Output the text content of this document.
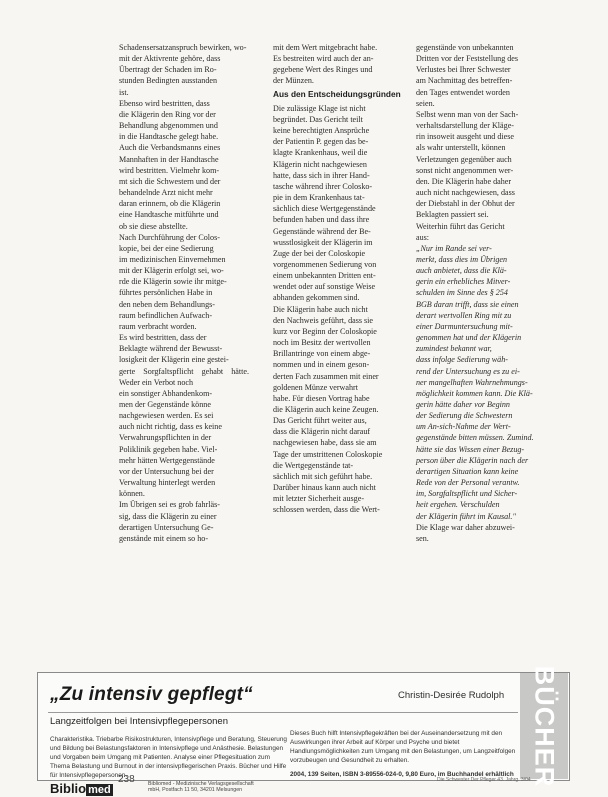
Schadensersatzanspruch bewirken, wo-

mit der Aktivrente gehöre, dass

Übertragt der Schaden im Ro-

stunden Bedingten ausstanden

ist.

Ebenso wird bestritten, dass

die Klägerin den Ring vor der

Behandlung abgenommen und

in die Handtasche gelegt habe.

Auch die Verbandsmanns eines

Mannhaften in der Handtasche

wird bestritten. Vielmehr kom-

mt sich die Schwestern und der

behandelnde Arzt nicht mehr

daran erinnern, ob die Klägerin

eine Handtasche mitführte und

ob sie diese abstellte.

Nach Durchführung der Colos-

kopie, bei der eine Sedierung

im medizinischen Einvernehmen

mit der Klägerin erfolgt sei, wo-

rde die Klägerin sowie ihr mitge-

führtes persönlichen Habe in

den neben dem Behandlungs-

raum befindlichen Aufwach-

raum verbracht worden.

Es wird bestritten, dass der

Beklagte während der Bewusst-

losigkeit der Klägerin eine gestei-

gerte Sorgfaltspflicht gehabt hätte. Weder ein Verbot noch

ein sonstiger Abhandenkom-

men der Gegenstände könne

nachgewiesen werden. Es sei

auch nicht richtig, dass es keine

Verwahrungspflichten in der

Poliklinik gegeben habe. Viel-

mehr hätten Wertgegenstände

vor der Untersuchung bei der

Verwaltung hinterlegt werden

können.

Im Übrigen sei es grob fahrläs-

sig, dass die Klägerin zu einer

derartigen Untersuchung Ge-

genstände mit einem so ho-

mit dem Wert mitgebracht habe.

Es bestreiten wird auch der an-

gegebene Wert des Ringes und

der Münzen.

Aus den Entscheidungsgründen

Die zulässige Klage ist nicht

begründet. Das Gericht teilt

keine berechtigten Ansprüche

der Patientin P. gegen das be-

klagte Krankenhaus, weil die

Klägerin nicht nachgewiesen

hatte, dass sich in ihrer Hand-

tasche während ihrer Colosko-

pie in dem Krankenhaus tat-

sächlich diese Wertgegenstände

befunden haben und dass ihre

Gegenstände während der Be-

wusstlosigkeit der Klägerin im

Zuge der bei der Coloskopie

vorgenommenen Sedierung von

einem unbekannten Dritten ent-

wendet oder auf sonstige Weise

abhanden gekommen sind.

Die Klägerin habe auch nicht

den Nachweis geführt, dass sie

kurz vor Beginn der Coloskopie

noch im Besitz der wertvollen

Brillantringe von einem abge-

nommen und in einem geson-

derten Fach zusammen mit einer

goldenen Münze verwahrt

habe. Für diesen Vortrag habe

die Klägerin auch keine Zeugen.

Das Gericht führt weiter aus,

dass die Klägerin nicht darauf

nachgewiesen habe, dass sie am

Tage der umstrittenen Coloskopie

die Wertgegenstände tat-

sächlich mit sich geführt habe.

Darüber hinaus kann auch nicht

mit letzter Sicherheit ausge-

schlossen werden, dass die Wert-

gegenstände von unbekannten

Dritten vor der Feststellung des

Verlustes bei Ihrer Schwester

am Nachmittag des betreffen-

den Tages entwendet worden

seien.

Selbst wenn man von der Sach-

verhaltsdarstellung der Kläge-

rin insoweit ausgeht und diese

als wahr unterstellt, können

Verletzungen gegenüber auch

sonst nicht angenommen wer-

den. Die Klägerin habe daher

auch nicht nachgewiesen, dass

der Diebstahl in der Obhut der

Beklagten passiert sei.

Weiterhin führt das Gericht

aus:

„Nur im Rande sei ver-

merkt, dass dies im Übrigen

auch anbietet, dass die Klä-

gerin ein erhebliches Mitver-

schulden im Sinne des § 254

BGB daran trifft, dass sie einen

derart wertvollen Ring mit zu

einer Darmuntersuchung mit-

genommen hat und der Klägerin

zumindest bekannt war,

dass infolge Sedierung wäh-

rend der Untersuchung es zu ei-

ner mangelhaften Wahrnehmungs-

möglichkeit kommen kann. Die Klä-

gerin hätte daher vor Beginn

der Sedierung die Schwestern

um An-sich-Nahme der Wert-

gegenstände bitten müssen. Zumind.

hätte sie das Wissen einer Bezug-

person über die Klägerin nach der

derartigen Situation kann keine

Rede von der Personal verantw.

im, Sorgfaltspflicht und Sicher-

heit ergehen. Verschulden

der Klägerin führt im Kausal."

Die Klage war daher abzuwei-

sen.

BÜCHER
„Zu intensiv gepflegt“	Christin-Desirée Rudolph
Langzeitfolgen bei Intensivpflegepersonen
Charakteristika. Triebarbe Risikostrukturen, Intensivpflege und Beratung, Steuerung und Bildung bei Belastungsfaktoren in Intensivpflege und Anästhesie. Belastungen und Vorgaben beim Umgang mit Patienten. Analyse einer Pflegesituation zum Thema Belastung und Burnout in der intensivpflegerischen Praxis. Bücher und Hilfe für Intensivpflegepersonen.
Dieses Buch hilft Intensivpflegekräften bei der Auseinandersetzung mit den Auswirkungen ihrer Arbeit auf Körper und Psyche und bietet Handlungsmöglichkeiten zum Umgang mit den Belastungen, um Langzeitfolgen vorzubeugen und Gesundheit zu erhalten.
2004, 139 Seiten, ISBN 3-89556-024-0, 9,80 Euro, im Buchhandel erhältlich
Biblio med	Bibliomed - Medizinische Verlagsgesellschaft mbH, Postfach 11 50, 34201 Melsungen
238	Die Schwester Der Pfleger 43. Jahrg. 3/04
